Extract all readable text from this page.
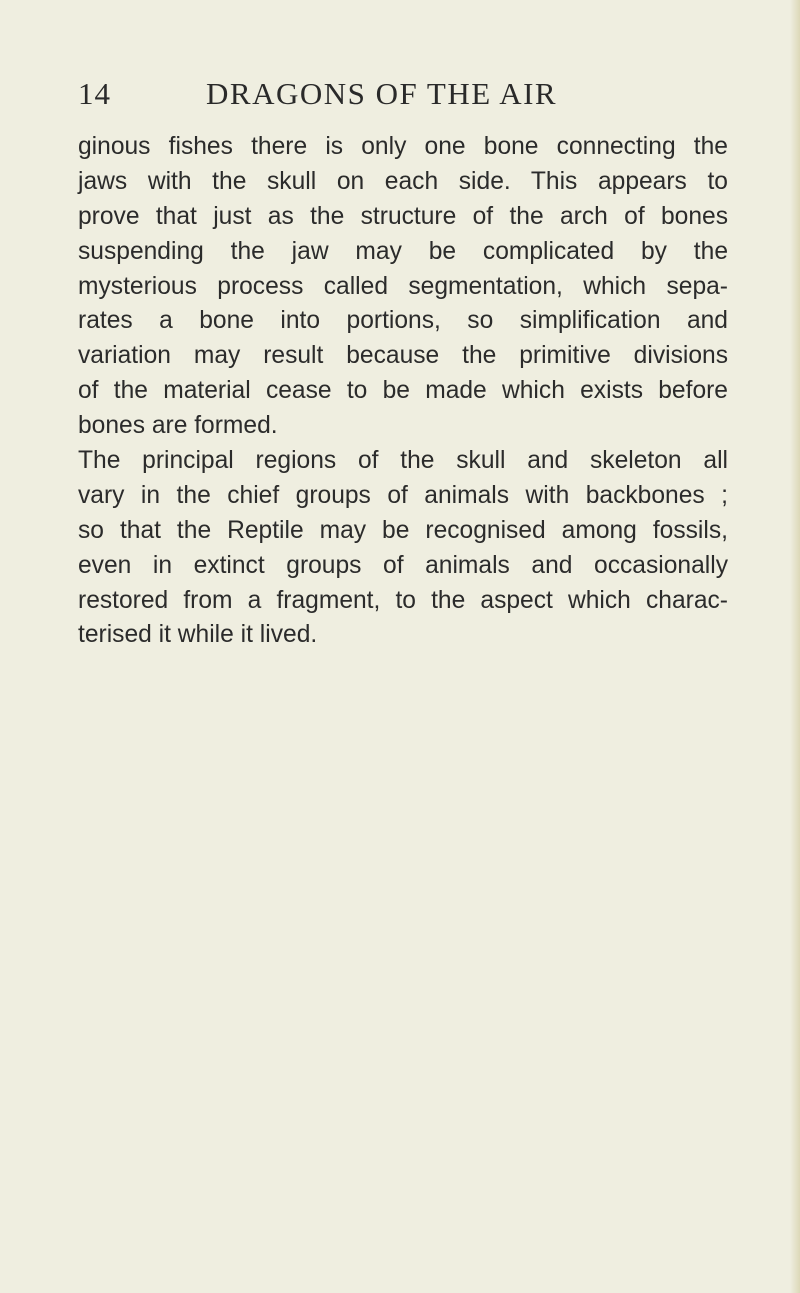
14	DRAGONS OF THE AIR
ginous fishes there is only one bone connecting the
jaws with the skull on each side. This appears to
prove that just as the structure of the arch of bones
suspending the jaw may be complicated by the
mysterious process called segmentation, which sepa-
rates a bone into portions, so simplification and
variation may result because the primitive divisions
of the material cease to be made which exists before
bones are formed.
The principal regions of the skull and skeleton all
vary in the chief groups of animals with backbones ;
so that the Reptile may be recognised among fossils,
even in extinct groups of animals and occasionally
restored from a fragment, to the aspect which charac-
terised it while it lived.
